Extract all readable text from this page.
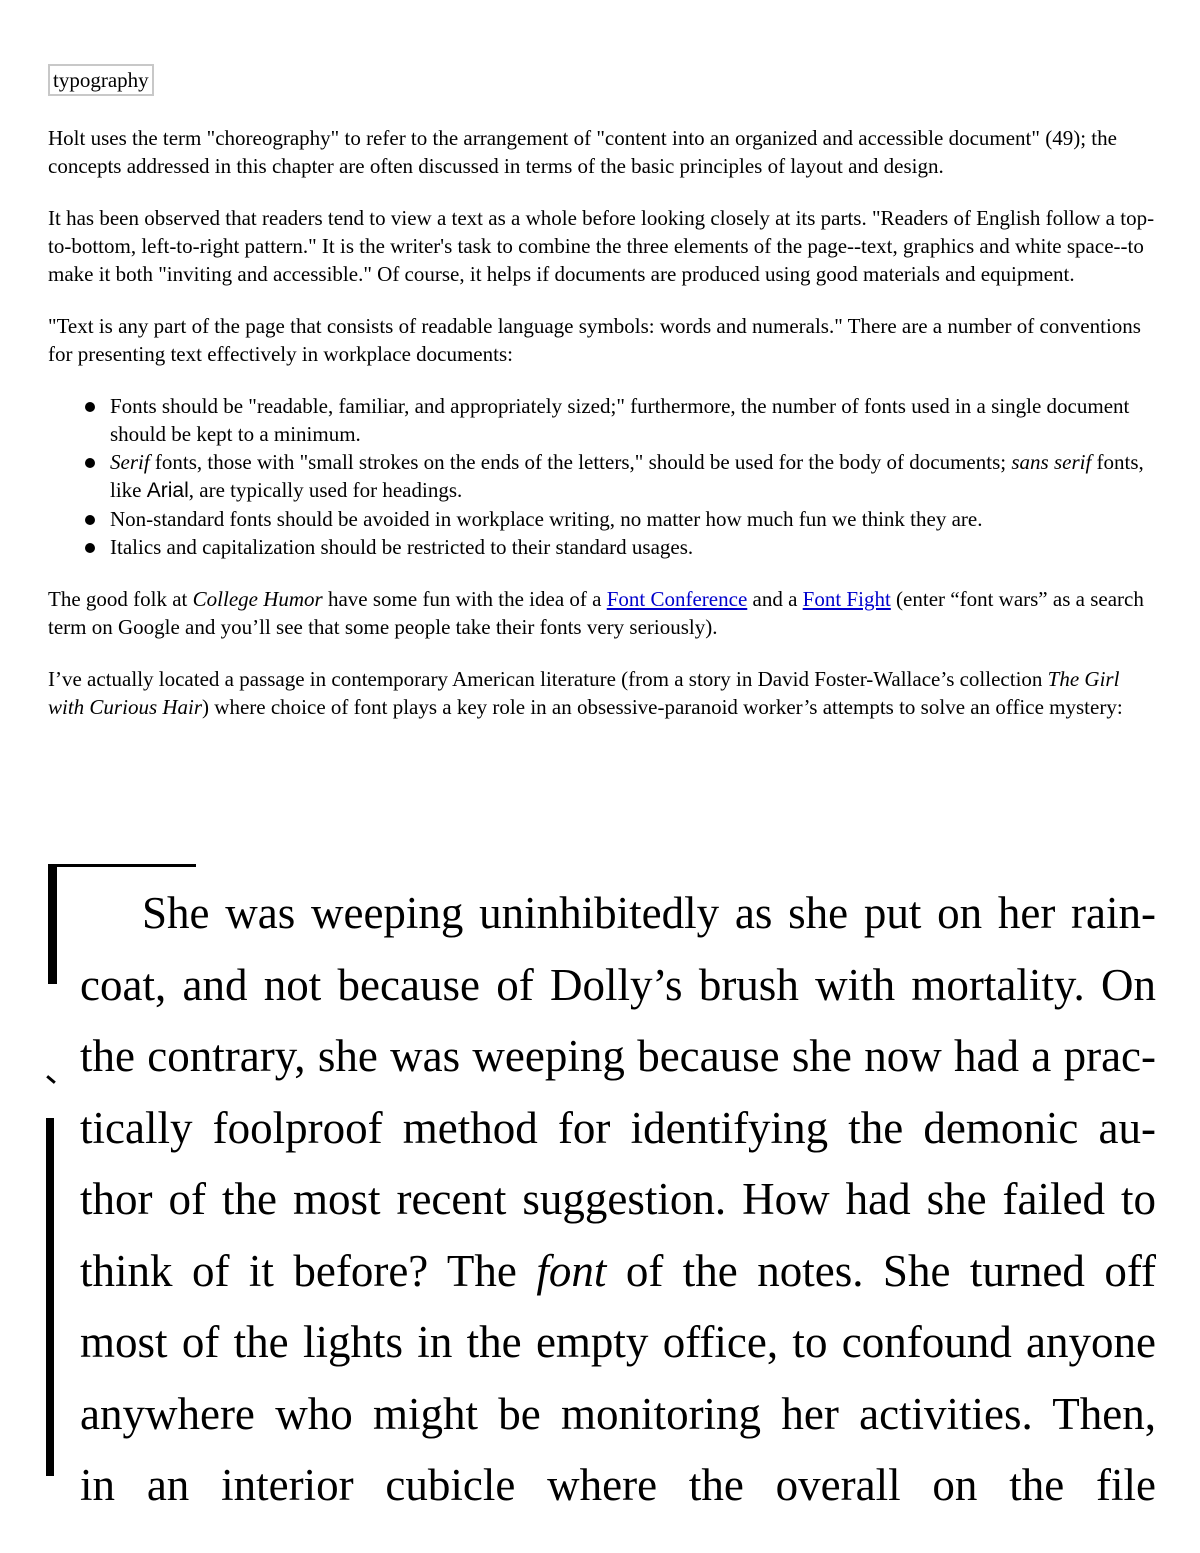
typography

Holt uses the term "choreography" to refer to the arrangement of "content into an organized and accessible document" (49); the concepts addressed in this chapter are often discussed in terms of the basic principles of layout and design.

It has been observed that readers tend to view a text as a whole before looking closely at its parts. "Readers of English follow a top-to-bottom, left-to-right pattern." It is the writer's task to combine the three elements of the page--text, graphics and white space--to make it both "inviting and accessible." Of course, it helps if documents are produced using good materials and equipment.

"Text is any part of the page that consists of readable language symbols: words and numerals." There are a number of conventions for presenting text effectively in workplace documents:

Fonts should be "readable, familiar, and appropriately sized;" furthermore, the number of fonts used in a single document should be kept to a minimum.
Serif fonts, those with "small strokes on the ends of the letters," should be used for the body of documents; sans serif fonts, like Arial, are typically used for headings.
Non-standard fonts should be avoided in workplace writing, no matter how much fun we think they are.
Italics and capitalization should be restricted to their standard usages.

The good folk at College Humor have some fun with the idea of a Font Conference and a Font Fight (enter “font wars” as a search term on Google and you’ll see that some people take their fonts very seriously).

I’ve actually located a passage in contemporary American literature (from a story in David Foster-Wallace’s collection The Girl with Curious Hair) where choice of font plays a key role in an obsessive-paranoid worker’s attempts to solve an office mystery:

She was weeping uninhibitedly as she put on her rain-
coat, and not because of Dolly’s brush with mortality. On
the contrary, she was weeping because she now had a prac-
tically foolproof method for identifying the demonic au-
thor of the most recent suggestion. How had she failed to
think of it before? The font of the notes. She turned off
most of the lights in the empty office, to confound anyone
anywhere who might be monitoring her activities. Then,
in an interior cubicle where the overall on the file
